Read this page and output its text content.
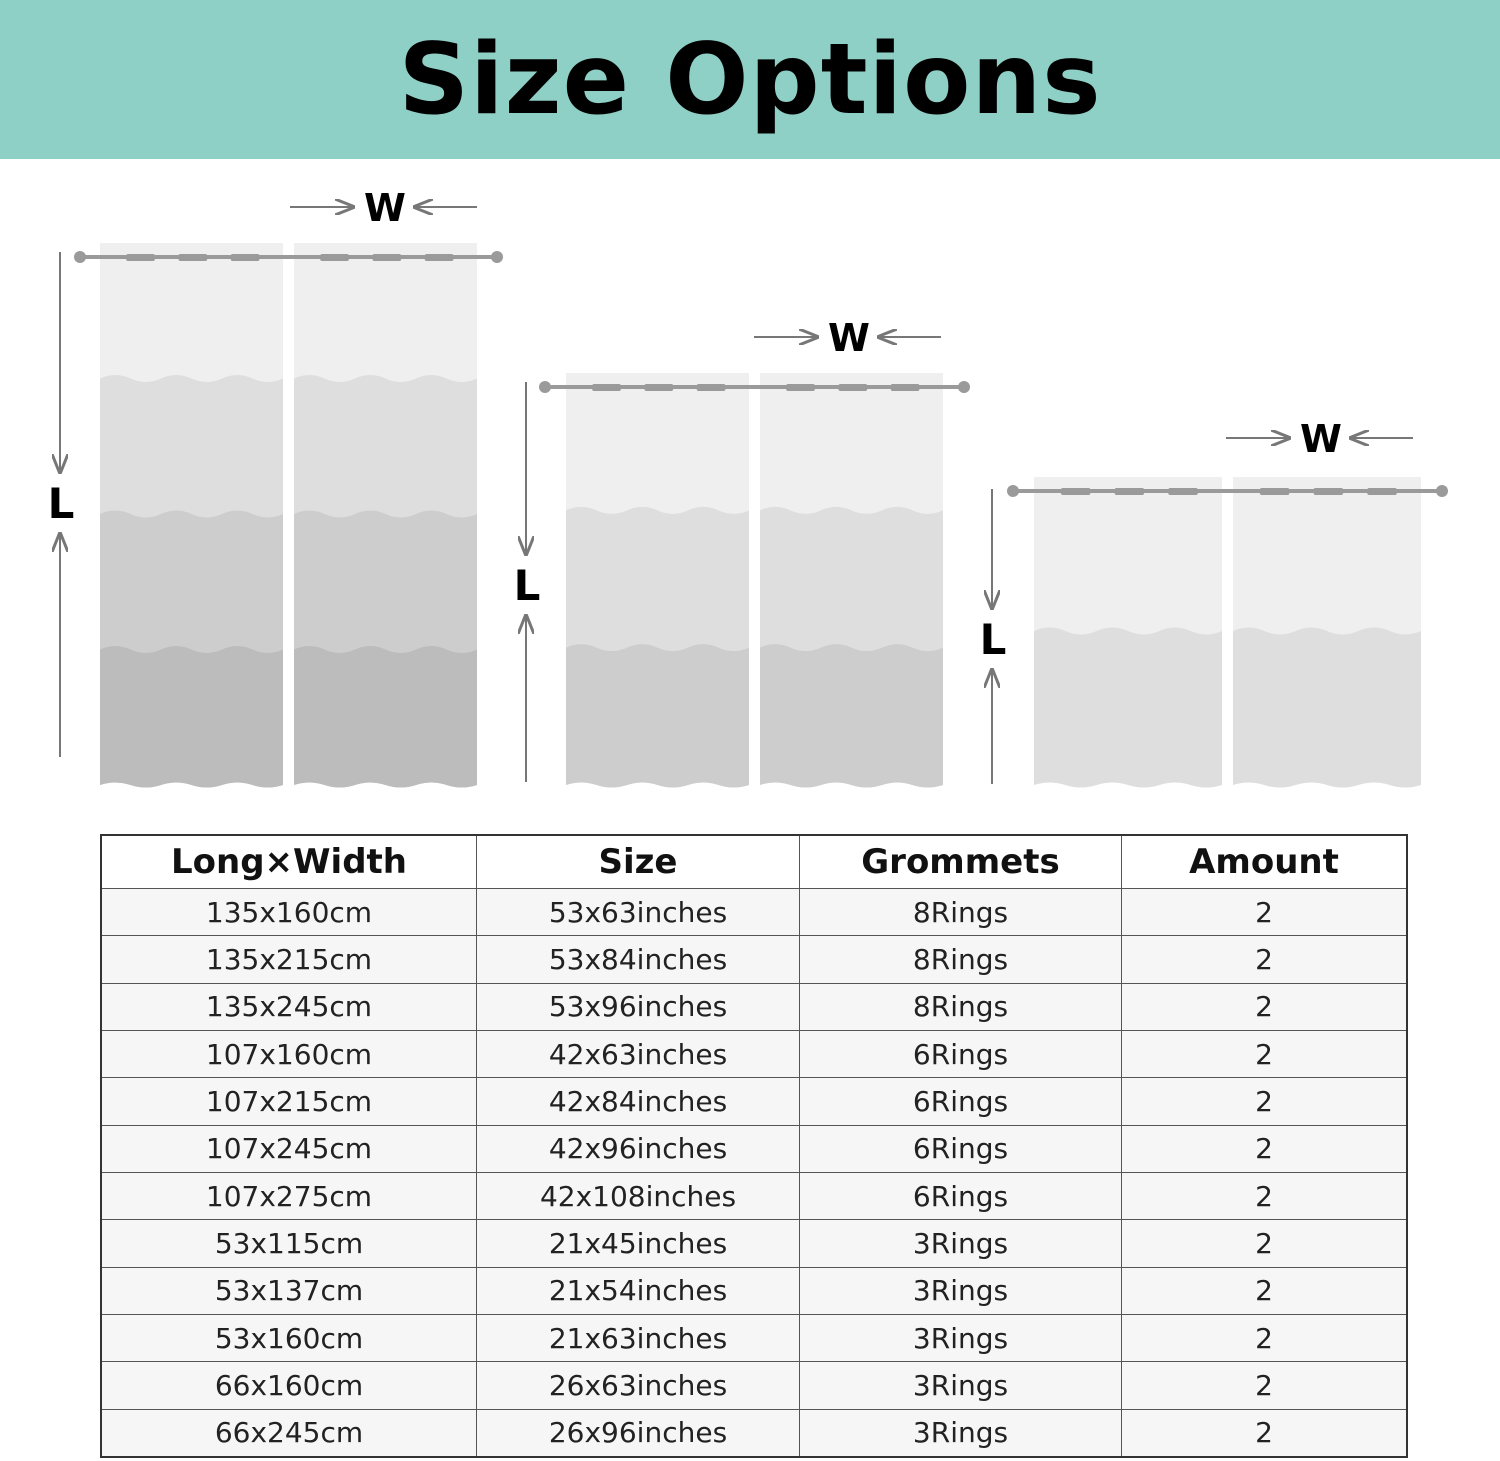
Size Options
W
L
W
L
W
L
Long×Width	Size	Grommets	Amount
135x160cm	53x63inches	8Rings	2
135x215cm	53x84inches	8Rings	2
135x245cm	53x96inches	8Rings	2
107x160cm	42x63inches	6Rings	2
107x215cm	42x84inches	6Rings	2
107x245cm	42x96inches	6Rings	2
107x275cm	42x108inches	6Rings	2
53x115cm	21x45inches	3Rings	2
53x137cm	21x54inches	3Rings	2
53x160cm	21x63inches	3Rings	2
66x160cm	26x63inches	3Rings	2
66x245cm	26x96inches	3Rings	2
